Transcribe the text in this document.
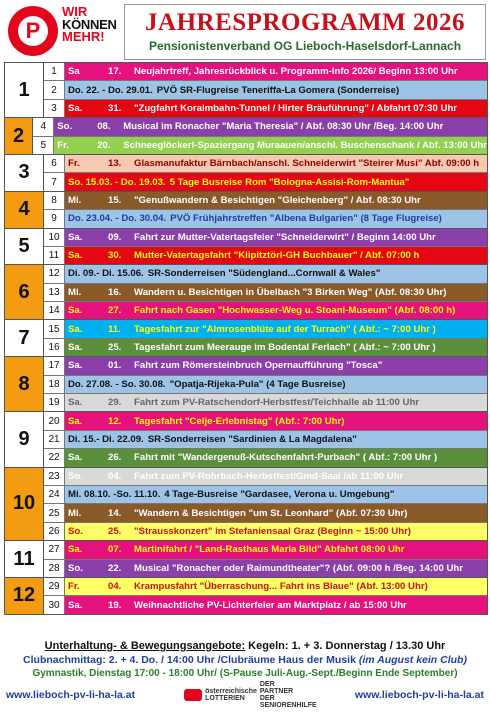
P
WIR
KÖNNEN
MEHR!
JAHRESPROGRAMM 2026
Pensionistenverband OG Lieboch-Haselsdorf-Lannach
1
1	Sa	17.	Neujahrtreff, Jahresrückblick u. Programm-Info 2026/ Beginn 13:00 Uhr
2	Do. 22. - Do. 29.01. PVÖ SR-Flugreise Teneriffa-La Gomera (Sonderreise)
3	Sa.	31.	"Zugfahrt Koralmbahn-Tunnel / Hirter Bräuführung" / Abfahrt 07:30 Uhr
2	4	So.	08.	Musical im Ronacher "Maria Theresia" / Abf. 08:30 Uhr /Beg. 14:00 Uhr
5	Fr.	20.	Schneeglöckerl-Spaziergang Muraauen/anschl. Buschenschank / Abf. 13:00 Uhr
3	6	Fr.	13.	Glasmanufaktur Bärnbach/anschl. Schneiderwirt "Steirer Musi" Abf. 09:00 h
7	So. 15.03. - Do. 19.03. 5 Tage Busreise Rom "Bologna-Assisi-Rom-Mantua"
4	8	Mi.	15.	"Genußwandern & Besichtigen "Gleichenberg" / Abf. 08:30 Uhr
9	Do. 23.04. - Do. 30.04. PVÖ Frühjahrstreffen "Albena Bulgarien" (8 Tage Flugreise)
5	10 Sa.	09.	Fahrt zur Mutter-Vatertagsfeier "Schneiderwirt" / Beginn 14:00 Uhr
11 Sa.	30.	Mutter-Vatertagsfahrt "Klipitztörl-GH Buchbauer" / Abf. 07:00 h
6
12 Di. 09.- Di. 15.06. SR-Sonderreisen "Südengland...Cornwall & Wales"
13 Mi.	16.	Wandern u. Besichtigen in Übelbach "3 Birken Weg" (Abf. 08:30 Uhr)
14 Sa.	27.	Fahrt nach Gasen "Hochwasser-Weg u. Stoani-Museum" (Abf. 08:00 h)
7	15 Sa.	11.	Tagesfahrt zur "Almrosenblüte auf der Turrach" ( Abf.: ~ 7:00 Uhr )
16 Sa.	25.	Tagesfahrt zum Meerauge im Bodental Ferlach" ( Abf.: ~ 7:00 Uhr )
8
17 Sa.	01.	Fahrt zum Römersteinbruch Opernaufführung "Tosca"
18 Do. 27.08. - So. 30.08. "Opatja-Rijeka-Pula" (4 Tage Busreise)
19 Sa.	29.	Fahrt zum PV-Ratschendorf-Herbstfest/Teichhalle ab 11:00 Uhr
9
20 Sa.	12.	Tagesfahrt "Celje-Erlebnistag" (Abf.: 7:00 Uhr)
21 Di. 15.- Di. 22.09. SR-Sonderreisen "Sardinien & La Magdalena"
22 Sa.	26.	Fahrt mit "Wandergenuß-Kutschenfahrt-Purbach" ( Abf.: 7:00 Uhr )
10
23 So.	04.	Fahrt zum PV-Rohrbach-Herbstfest/Gmd-Saal /ab 11:00 Uhr
24 Mi. 08.10. -So. 11.10. 4 Tage-Busreise "Gardasee, Verona u. Umgebung"
25 Mi.	14.	"Wandern & Besichtigen "um St. Leonhard" (Abf. 07:30 Uhr)
26 So.	25.	"Strausskonzert" im Stefaniensaal Graz (Beginn ~ 15:00 Uhr)
11	27 Sa.	07.	Martinifahrt / "Land-Rasthaus Maria Bild" Abfahrt 08:00 Uhr
28 So.	22.	Musical "Ronacher oder Raimundtheater"? (Abf. 09:00 h /Beg. 14:00 Uhr
12	29 Fr.	04.	Krampusfahrt "Überraschung... Fahrt ins Blaue" (Abf. 13:00 Uhr)
30 Sa.	19.	Weihnachtliche PV-Lichterfeier am Marktplatz / ab 15:00 Uhr
Unterhaltung- & Bewegungsangebote: Kegeln: 1. + 3. Donnerstag / 13.30 Uhr
Clubnachmittag: 2. + 4. Do. / 14:00 Uhr /Clubräume Haus der Musik (im August kein Club)
Gymnastik, Dienstag 17:00 - 18:00 Uhr/ (S-Pause Juli-Aug.-Sept./Beginn Ende September)
www.lieboch-pv-li-ha-la.at	österreichische
LOTTERIEN
DER PARTNER DER SENIORENHILFE
www.lieboch-pv-li-ha-la.at
